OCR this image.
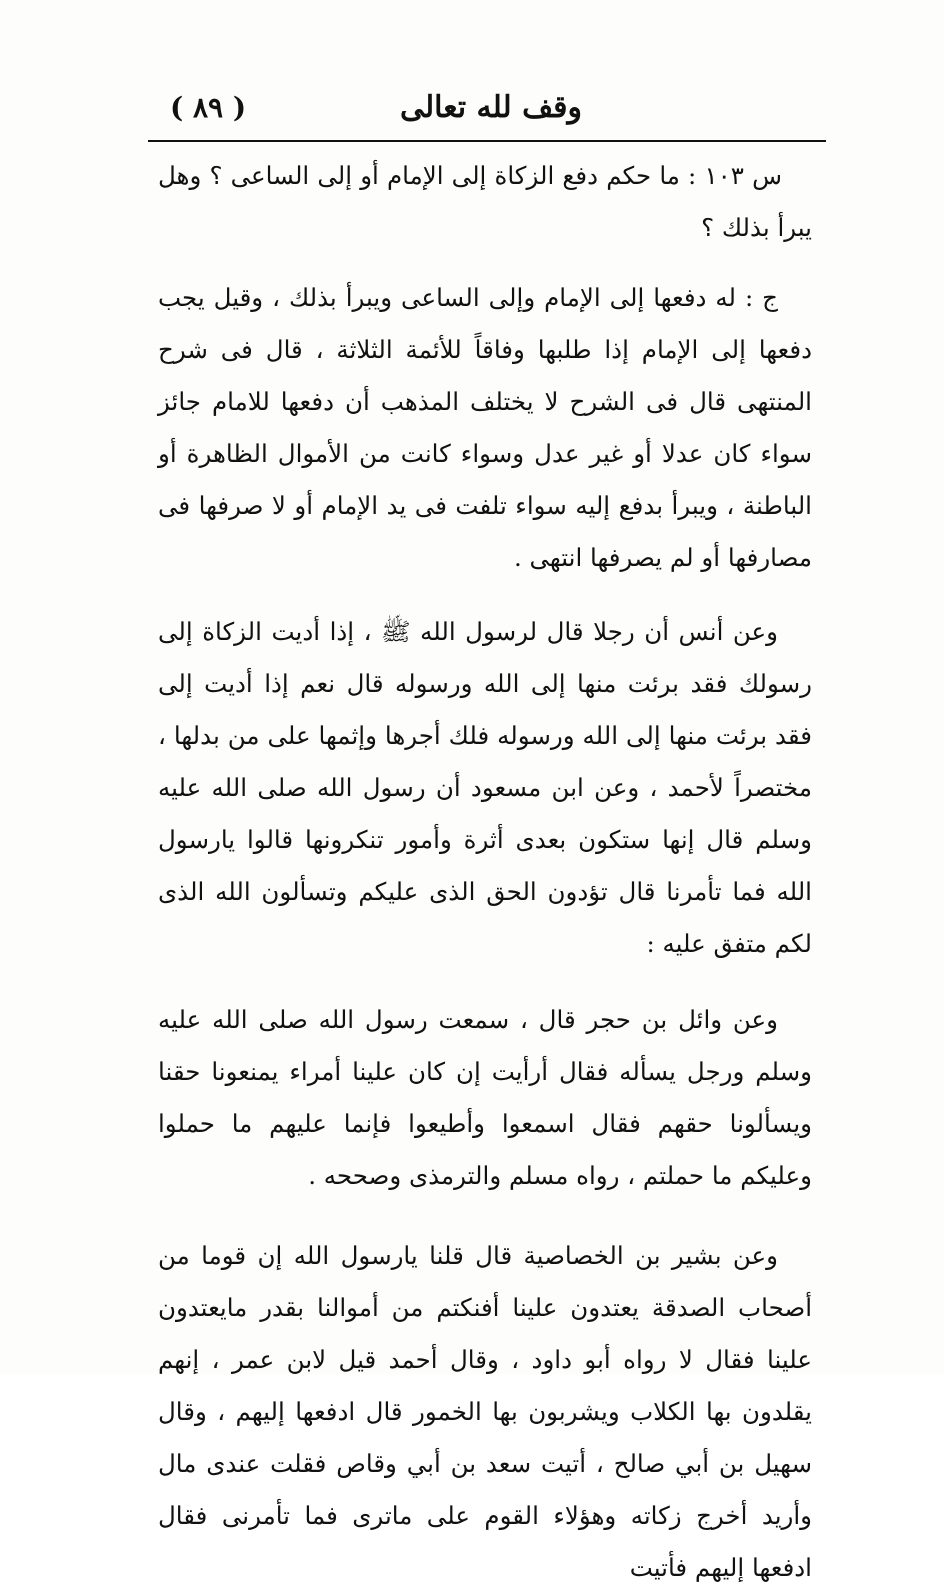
وقف لله تعالى
( ٨٩ )

س ١٠٣ : ما حكم دفع الزكاة إلى الإمام أو إلى الساعى ؟ وهل يبرأ بذلك ؟

ج : له دفعها إلى الإمام وإلى الساعى ويبرأ بذلك ، وقيل يجب دفعها إلى الإمام إذا طلبها وفاقاً للأئمة الثلاثة ، قال فى شرح المنتهى قال فى الشرح لا يختلف المذهب أن دفعها للامام جائز سواء كان عدلا أو غير عدل وسواء كانت من الأموال الظاهرة أو الباطنة ، ويبرأ بدفع إليه سواء تلفت فى يد الإمام أو لا صرفها فى مصارفها أو لم يصرفها انتهى .

وعن أنس أن رجلا قال لرسول الله ﷺ ، إذا أديت الزكاة إلى رسولك فقد برئت منها إلى الله ورسوله قال نعم إذا أديت إلى فقد برئت منها إلى الله ورسوله فلك أجرها وإثمها على من بدلها ، مختصراً لأحمد ، وعن ابن مسعود أن رسول الله صلى الله عليه وسلم قال إنها ستكون بعدى أثرة وأمور تنكرونها قالوا يارسول الله فما تأمرنا قال تؤدون الحق الذى عليكم وتسألون الله الذى لكم متفق عليه :

وعن وائل بن حجر قال ، سمعت رسول الله صلى الله عليه وسلم ورجل يسأله فقال أرأيت إن كان علينا أمراء يمنعونا حقنا ويسألونا حقهم فقال اسمعوا وأطيعوا فإنما عليهم ما حملوا وعليكم ما حملتم ، رواه مسلم والترمذى وصححه .

وعن بشير بن الخصاصية قال قلنا يارسول الله إن قوما من أصحاب الصدقة يعتدون علينا أفنكتم من أموالنا بقدر مايعتدون علينا فقال لا رواه أبو داود ، وقال أحمد قيل لابن عمر ، إنهم يقلدون بها الكلاب ويشربون بها الخمور قال ادفعها إليهم ، وقال سهيل بن أبي صالح ، أتيت سعد بن أبي وقاص فقلت عندى مال وأريد أخرج زكاته وهؤلاء القوم على ماترى فما تأمرنى فقال ادفعها إليهم فأتيت
